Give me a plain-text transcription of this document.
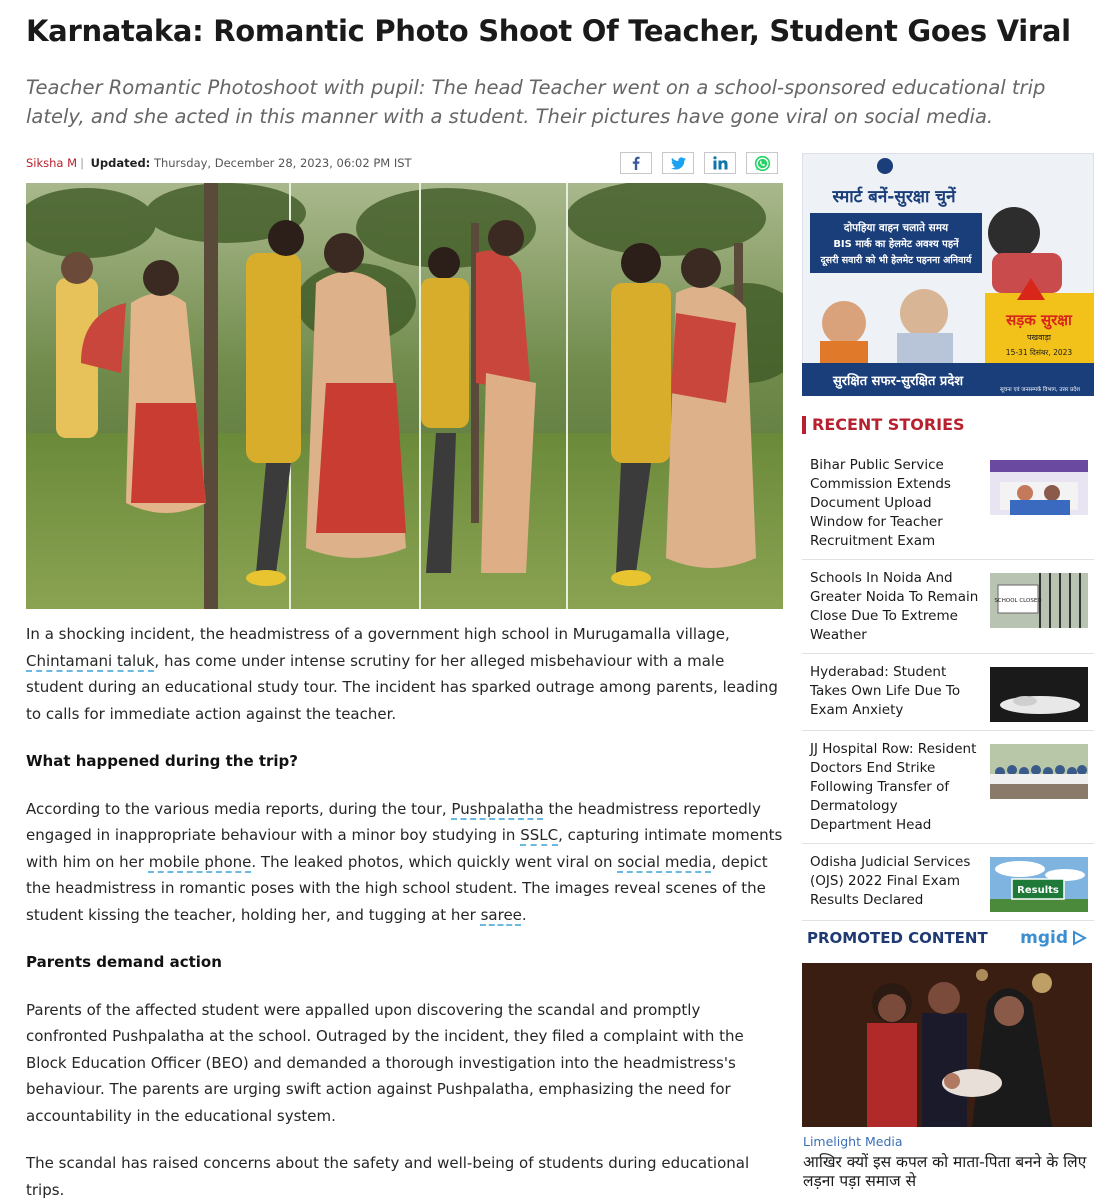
Karnataka: Romantic Photo Shoot Of Teacher, Student Goes Viral

Teacher Romantic Photoshoot with pupil: The head Teacher went on a school-sponsored educational trip lately, and she acted in this manner with a student. Their pictures have gone viral on social media.

Siksha M | Updated: Thursday, December 28, 2023, 06:02 PM IST

In a shocking incident, the headmistress of a government high school in Murugamalla village, Chintamani taluk, has come under intense scrutiny for her alleged misbehaviour with a male student during an educational study tour. The incident has sparked outrage among parents, leading to calls for immediate action against the teacher.

What happened during the trip?

According to the various media reports, during the tour, Pushpalatha the headmistress reportedly engaged in inappropriate behaviour with a minor boy studying in SSLC, capturing intimate moments with him on her mobile phone. The leaked photos, which quickly went viral on social media, depict the headmistress in romantic poses with the high school student. The images reveal scenes of the student kissing the teacher, holding her, and tugging at her saree.

Parents demand action

Parents of the affected student were appalled upon discovering the scandal and promptly confronted Pushpalatha at the school. Outraged by the incident, they filed a complaint with the Block Education Officer (BEO) and demanded a thorough investigation into the headmistress's behaviour. The parents are urging swift action against Pushpalatha, emphasizing the need for accountability in the educational system.

The scandal has raised concerns about the safety and well-being of students during educational trips.

स्मार्ट बनें-सुरक्षा चुनें
दोपहिया वाहन चलाते समय
BIS मार्क का हेलमेट अवश्य पहनें
दूसरी सवारी को भी हेलमेट पहनना अनिवार्य
सड़क सुरक्षा
पखवाड़ा
15-31 दिसंबर, 2023
सुरक्षित सफर-सुरक्षित प्रदेश
सूचना एवं जनसम्पर्क विभाग, उत्तर प्रदेश
RECENT STORIES
Bihar Public Service Commission Extends Document Upload Window for Teacher Recruitment Exam
Schools In Noida And Greater Noida To Remain Close Due To Extreme Weather
SCHOOL CLOSED
Hyderabad: Student Takes Own Life Due To Exam Anxiety
JJ Hospital Row: Resident Doctors End Strike Following Transfer of Dermatology Department Head
Odisha Judicial Services (OJS) 2022 Final Exam Results Declared
Results
PROMOTED CONTENT mgid
Limelight Media
आखिर क्यों इस कपल को माता-पिता बनने के लिए लड़ना पड़ा समाज से
